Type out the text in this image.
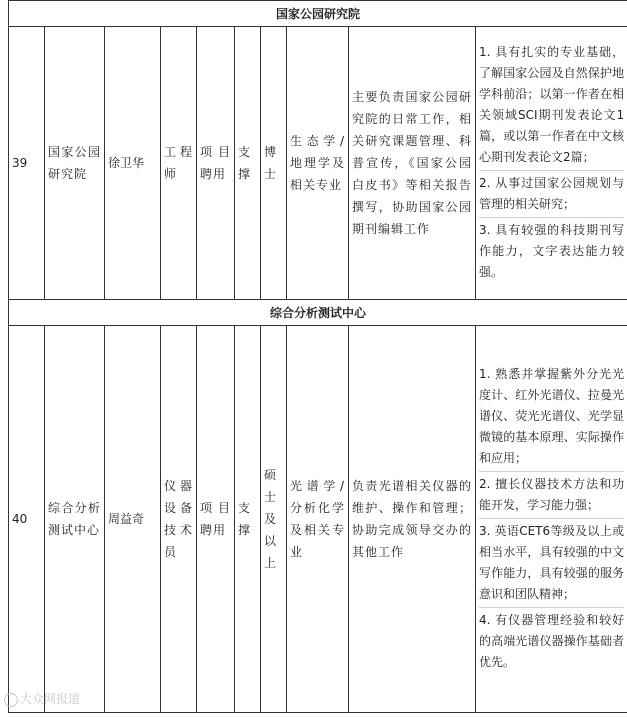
国家公园研究院									
39	国家公园研究院	徐卫华	工程师	项目聘用	支撑	博士	生态学/地理学及相关专业	主要负责国家公园研究院的日常工作，相关研究课题管理、科普宣传，《国家公园白皮书》等相关报告撰写，协助国家公园期刊编辑工作	1. 具有扎实的专业基础，了解国家公园及自然保护地学科前沿；以第一作者在相关领域SCI期刊发表论文1篇，或以第一作者在中文核心期刊发表论文2篇；

2. 从事过国家公园规划与管理的相关研究；

3. 具有较强的科技期刊写作能力，文字表达能力较强。

综合分析测试中心									
40	综合分析测试中心	周益奇	仪器设备技术员	项目聘用	支撑	硕士及以上	光谱学/分析化学及相关专业	负责光谱相关仪器的维护、操作和管理；协助完成领导交办的其他工作	1. 熟悉并掌握紫外分光光度计、红外光谱仪、拉曼光谱仪、荧光光谱仪、光学显微镜的基本原理、实际操作和应用；

2. 擅长仪器技术方法和功能开发，学习能力强；

3. 英语CET6等级及以上或相当水平，具有较强的中文写作能力，具有较强的服务意识和团队精神；

4. 有仪器管理经验和较好的高端光谱仪器操作基础者优先。

大众网报道
